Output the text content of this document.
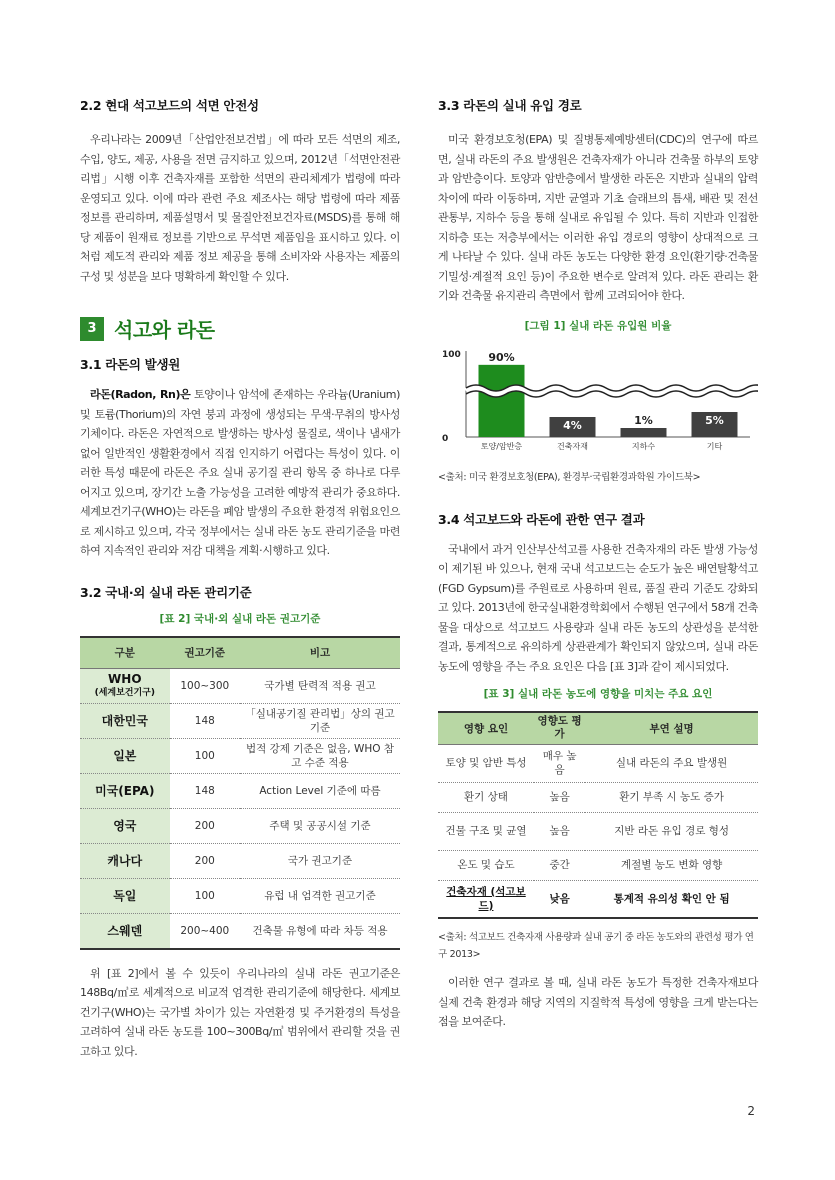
2.2 현대 석고보드의 석면 안전성

우리나라는 2009년「산업안전보건법」에 따라 모든 석면의 제조, 수입, 양도, 제공, 사용을 전면 금지하고 있으며, 2012년「석면안전관리법」시행 이후 건축자재를 포함한 석면의 관리체계가 법령에 따라 운영되고 있다. 이에 따라 관련 주요 제조사는 해당 법령에 따라 제품 정보를 관리하며, 제품설명서 및 물질안전보건자료(MSDS)를 통해 해당 제품이 원재료 정보를 기반으로 무석면 제품임을 표시하고 있다. 이처럼 제도적 관리와 제품 정보 제공을 통해 소비자와 사용자는 제품의 구성 및 성분을 보다 명확하게 확인할 수 있다.

3 석고와 라돈
3.1 라돈의 발생원

라돈(Radon, Rn)은 토양이나 암석에 존재하는 우라늄(Uranium) 및 토륨(Thorium)의 자연 붕괴 과정에 생성되는 무색·무취의 방사성 기체이다. 라돈은 자연적으로 발생하는 방사성 물질로, 색이나 냄새가 없어 일반적인 생활환경에서 직접 인지하기 어렵다는 특성이 있다. 이러한 특성 때문에 라돈은 주요 실내 공기질 관리 항목 중 하나로 다루어지고 있으며, 장기간 노출 가능성을 고려한 예방적 관리가 중요하다. 세계보건기구(WHO)는 라돈을 폐암 발생의 주요한 환경적 위험요인으로 제시하고 있으며, 각국 정부에서는 실내 라돈 농도 관리기준을 마련하여 지속적인 관리와 저감 대책을 계획·시행하고 있다.

3.2 국내·외 실내 라돈 관리기준
[표 2] 국내·외 실내 라돈 권고기준
구분	권고기준	비고
WHO
(세계보건기구)	100~300	국가별 탄력적 적용 권고
대한민국	148	「실내공기질 관리법」상의 권고기준
일본	100	법적 강제 기준은 없음, WHO 참고 수준 적용
미국(EPA)	148	Action Level 기준에 따름
영국	200	주택 및 공공시설 기준
캐나다	200	국가 권고기준
독일	100	유럽 내 엄격한 권고기준
스웨덴	200~400	건축물 유형에 따라 차등 적용

위 [표 2]에서 볼 수 있듯이 우리나라의 실내 라돈 권고기준은 148Bq/㎥로 세계적으로 비교적 엄격한 관리기준에 해당한다. 세계보건기구(WHO)는 국가별 차이가 있는 자연환경 및 주거환경의 특성을 고려하여 실내 라돈 농도를 100~300Bq/㎥ 범위에서 관리할 것을 권고하고 있다.

3.3 라돈의 실내 유입 경로

미국 환경보호청(EPA) 및 질병통제예방센터(CDC)의 연구에 따르면, 실내 라돈의 주요 발생원은 건축자재가 아니라 건축물 하부의 토양과 암반층이다. 토양과 암반층에서 발생한 라돈은 지반과 실내의 압력 차이에 따라 이동하며, 지반 균열과 기초 슬래브의 틈새, 배관 및 전선 관통부, 지하수 등을 통해 실내로 유입될 수 있다. 특히 지반과 인접한 지하층 또는 저층부에서는 이러한 유입 경로의 영향이 상대적으로 크게 나타날 수 있다. 실내 라돈 농도는 다양한 환경 요인(환기량·건축물 기밀성·계절적 요인 등)이 주요한 변수로 알려져 있다. 라돈 관리는 환기와 건축물 유지관리 측면에서 함께 고려되어야 한다.

[그림 1] 실내 라돈 유입원 비율
100
0
90%
토양/암반층
4%
건축자재
1%
지하수
5%
기타
<출처: 미국 환경보호청(EPA), 환경부·국립환경과학원 가이드북>
3.4 석고보드와 라돈에 관한 연구 결과

국내에서 과거 인산부산석고를 사용한 건축자재의 라돈 발생 가능성이 제기된 바 있으나, 현재 국내 석고보드는 순도가 높은 배연탈황석고(FGD Gypsum)를 주원료로 사용하며 원료, 품질 관리 기준도 강화되고 있다. 2013년에 한국실내환경학회에서 수행된 연구에서 58개 건축물을 대상으로 석고보드 사용량과 실내 라돈 농도의 상관성을 분석한 결과, 통계적으로 유의하게 상관관계가 확인되지 않았으며, 실내 라돈 농도에 영향을 주는 주요 요인은 다음 [표 3]과 같이 제시되었다.

[표 3] 실내 라돈 농도에 영향을 미치는 주요 요인
영향 요인	영향도 평가	부연 설명
토양 및 암반 특성	매우 높음	실내 라돈의 주요 발생원
환기 상태	높음	환기 부족 시 농도 증가
건물 구조 및 균열	높음	지반 라돈 유입 경로 형성
온도 및 습도	중간	계절별 농도 변화 영향
건축자재 (석고보드)	낮음	통계적 유의성 확인 안 됨
<출처: 석고보드 건축자재 사용량과 실내 공기 중 라돈 농도와의 관련성 평가 연구 2013>

이러한 연구 결과로 볼 때, 실내 라돈 농도가 특정한 건축자재보다 실제 건축 환경과 해당 지역의 지질학적 특성에 영향을 크게 받는다는 점을 보여준다.

2
